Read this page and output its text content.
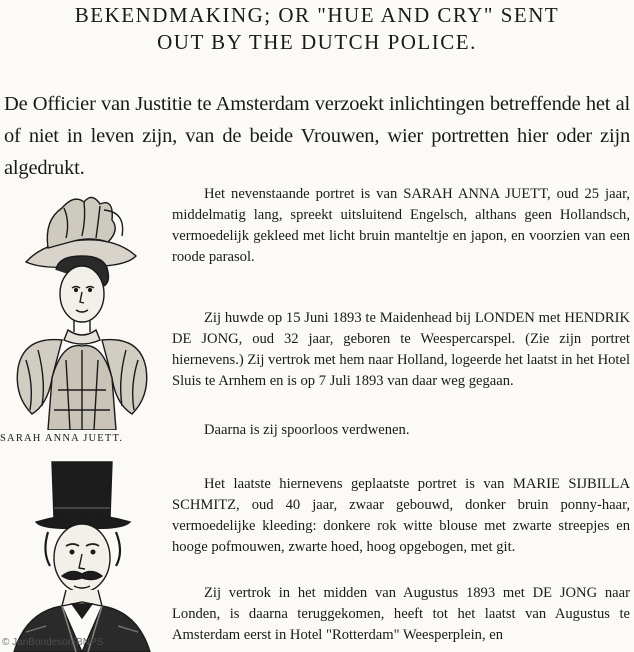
BEKENDMAKING; OR "HUE AND CRY" SENT
OUT BY THE DUTCH POLICE.
De Officier van Justitie te Amsterdam verzoekt inlichtingen betreffende het al of niet in leven zijn, van de beide Vrouwen, wier portretten hier oder zijn algedrukt.
SARAH ANNA JUETT.
Het nevenstaande portret is van SARAH ANNA JUETT, oud 25 jaar, middelmatig lang, spreekt uitsluitend Engelsch, althans geen Hollandsch, vermoedelijk gekleed met licht bruin manteltje en japon, en voorzien van een roode parasol.
Zij huwde op 15 Juni 1893 te Maidenhead bij LONDEN met HENDRIK DE JONG, oud 32 jaar, geboren te Weespercarspel. (Zie zijn portret hiernevens.) Zij vertrok met hem naar Holland, logeerde het laatst in het Hotel Sluis te Arnhem en is op 7 Juli 1893 van daar weg gegaan.
Daarna is zij spoorloos verdwenen.
Het laatste hiernevens geplaatste portret is van MARIE SIJBILLA SCHMITZ, oud 40 jaar, zwaar gebouwd, donker bruin ponny-haar, vermoedelijke kleeding: donkere rok witte blouse met zwarte streepjes en hooge pofmouwen, zwarte hoed, hoog opgebogen, met git.
Zij vertrok in het midden van Augustus 1893 met DE JONG naar Londen, is daarna teruggekomen, heeft tot het laatst van Augustus te Amsterdam eerst in Hotel "Rotterdam" Weesperplein, en
© JanBondeson/BNPS
